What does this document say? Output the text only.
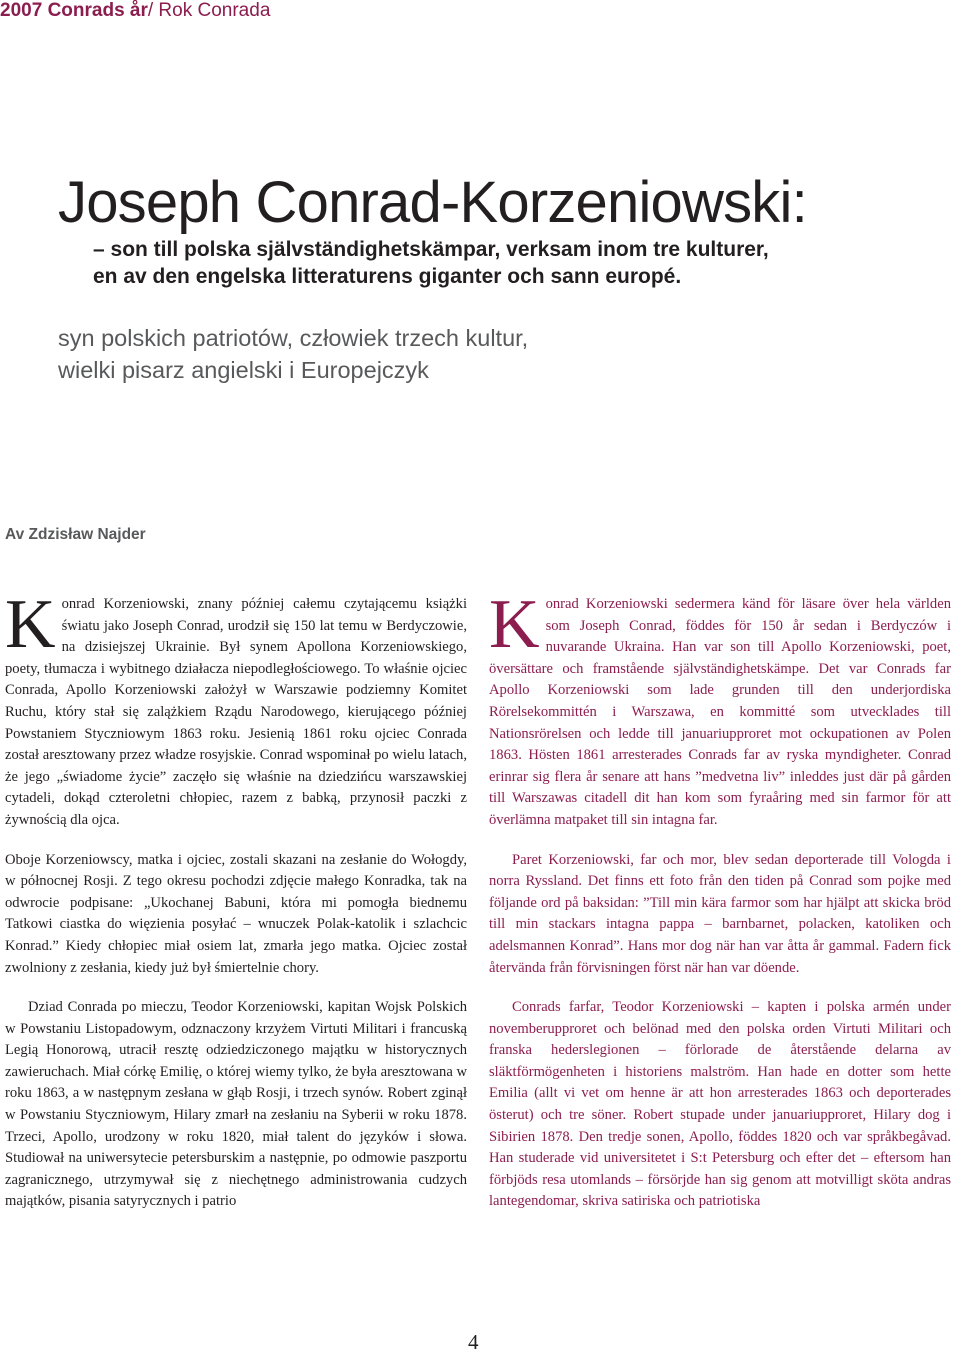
2007 Conrads år/ Rok Conrada
Joseph Conrad-Korzeniowski:

– son till polska självständighetskämpar, verksam inom tre kulturer,

en av den engelska litteraturens giganter och sann europé.

syn polskich patriotów, człowiek trzech kultur,
wielki pisarz angielski i Europejczyk

Av Zdzisław Najder

Konrad Korzeniowski, znany później całemu czytającemu książki światu jako Joseph Conrad, urodził się 150 lat temu w Berdyczowie, na dzisiejszej Ukrainie. Był synem Apollona Korzeniowskiego, poety, tłumacza i wybitnego działacza niepodległościowego. To właśnie ojciec Conrada, Apollo Korzeniowski założył w Warszawie podziemny Komitet Ruchu, który stał się zalążkiem Rządu Narodowego, kierującego później Powstaniem Styczniowym 1863 roku. Jesienią 1861 roku ojciec Conrada został aresztowany przez władze rosyjskie. Conrad wspominał po wielu latach, że jego „świadome życie” zaczęło się właśnie na dziedzińcu warszawskiej cytadeli, dokąd czteroletni chłopiec, razem z babką, przynosił paczki z żywnością dla ojca.

Oboje Korzeniowscy, matka i ojciec, zostali skazani na zesłanie do Wołogdy, w północnej Rosji. Z tego okresu pochodzi zdjęcie małego Konradka, tak na odwrocie podpisane: „Ukochanej Babuni, która mi pomogła biednemu Tatkowi ciastka do więzienia posyłać – wnuczek Polak-katolik i szlachcic Konrad.” Kiedy chłopiec miał osiem lat, zmarła jego matka. Ojciec został zwolniony z zesłania, kiedy już był śmiertelnie chory.

Dziad Conrada po mieczu, Teodor Korzeniowski, kapitan Wojsk Polskich w Powstaniu Listopadowym, odznaczony krzyżem Virtuti Militari i francuską Legią Honorową, utracił resztę odziedziczonego majątku w historycznych zawieruchach. Miał córkę Emilię, o której wiemy tylko, że była aresztowana w roku 1863, a w następnym zesłana w głąb Rosji, i trzech synów. Robert zginął w Powstaniu Styczniowym, Hilary zmarł na zesłaniu na Syberii w roku 1878. Trzeci, Apollo, urodzony w roku 1820, miał talent do języków i słowa. Studiował na uniwersytecie petersburskim a następnie, po odmowie paszportu zagranicznego, utrzymywał się z niechętnego administrowania cudzych majątków, pisania satyrycznych i patrio

Konrad Korzeniowski sedermera känd för läsare över hela världen som Joseph Conrad, föddes för 150 år sedan i Berdyczów i nuvarande Ukraina. Han var son till Apollo Korzeniowski, poet, översättare och framstående självständighetskämpe. Det var Conrads far Apollo Korzeniowski som lade grunden till den underjordiska Rörelsekommittén i Warszawa, en kommitté som utvecklades till Nationsrörelsen och ledde till januariupproret mot ockupationen av Polen 1863. Hösten 1861 arresterades Conrads far av ryska myndigheter. Conrad erinrar sig flera år senare att hans ”medvetna liv” inleddes just där på gården till Warszawas citadell dit han kom som fyraåring med sin farmor för att överlämna matpaket till sin intagna far.

Paret Korzeniowski, far och mor, blev sedan deporterade till Vologda i norra Ryssland. Det finns ett foto från den tiden på Conrad som pojke med följande ord på baksidan: ”Till min kära farmor som har hjälpt att skicka bröd till min stackars intagna pappa – barnbarnet, polacken, katoliken och adelsmannen Konrad”. Hans mor dog när han var åtta år gammal. Fadern fick återvända från förvisningen först när han var döende.

Conrads farfar, Teodor Korzeniowski – kapten i polska armén under novemberupproret och belönad med den polska orden Virtuti Militari och franska hederslegionen – förlorade de återstående delarna av släktförmögenheten i historiens malström. Han hade en dotter som hette Emilia (allt vi vet om henne är att hon arresterades 1863 och deporterades österut) och tre söner. Robert stupade under januariupproret, Hilary dog i Sibirien 1878. Den tredje sonen, Apollo, föddes 1820 och var språkbegåvad. Han studerade vid universitetet i S:t Petersburg och efter det – eftersom han förbjöds resa utomlands – försörjde han sig genom att motvilligt sköta andras lantegendomar, skriva satiriska och patriotiska

4
